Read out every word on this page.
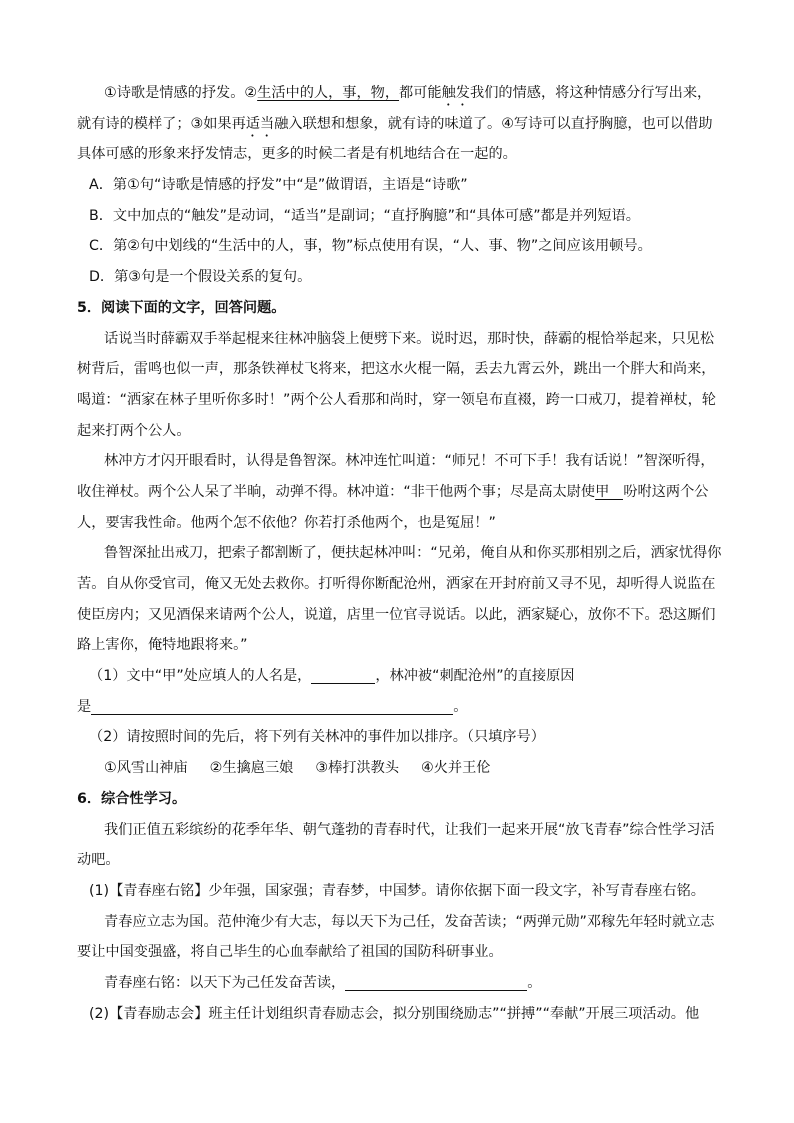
①诗歌是情感的抒发。②生活中的人，事，物，都可能触发我们的情感，将这种情感分行写出来，
就有诗的模样了；③如果再适当融入联想和想象，就有诗的味道了。④写诗可以直抒胸臆，也可以借助
具体可感的形象来抒发情志，更多的时候二者是有机地结合在一起的。
A．第①句“诗歌是情感的抒发”中“是”做谓语，主语是“诗歌”
B．文中加点的“触发”是动词，“适当”是副词；“直抒胸臆”和“具体可感”都是并列短语。
C．第②句中划线的“生活中的人，事，物”标点使用有误，“人、事、物”之间应该用顿号。
D．第③句是一个假设关系的复句。
5．阅读下面的文字，回答问题。
话说当时薛霸双手举起棍来往林冲脑袋上便劈下来。说时迟，那时快，薛霸的棍恰举起来，只见松
树背后，雷鸣也似一声，那条铁禅杖飞将来，把这水火棍一隔，丢去九霄云外，跳出一个胖大和尚来，
喝道：“洒家在林子里听你多时！”两个公人看那和尚时，穿一领皂布直裰，跨一口戒刀，提着禅杖，轮
起来打两个公人。
林冲方才闪开眼看时，认得是鲁智深。林冲连忙叫道：“师兄！不可下手！我有话说！”智深听得，
收住禅杖。两个公人呆了半晌，动弹不得。林冲道：“非干他两个事；尽是高太尉使甲 吩咐这两个公
人，要害我性命。他两个怎不依他？你若打杀他两个，也是冤屈！”
鲁智深扯出戒刀，把索子都割断了，便扶起林冲叫：“兄弟，俺自从和你买那相别之后，洒家忧得你
苦。自从你受官司，俺又无处去救你。打听得你断配沧州，洒家在开封府前又寻不见，却听得人说监在
使臣房内；又见酒保来请两个公人，说道，店里一位官寻说话。以此，洒家疑心，放你不下。恐这厮们
路上害你，俺特地跟将来。”
（1）文中“甲”处应填人的人名是，	，林冲被“刺配沧州”的直接原因
是	。
（2）请按照时间的先后，将下列有关林冲的事件加以排序。（只填序号）
①风雪山神庙 ②生擒扈三娘 ③棒打洪教头 ④火并王伦
6．综合性学习。
我们正值五彩缤纷的花季年华、朝气蓬勃的青春时代，让我们一起来开展“放飞青春”综合性学习活
动吧。
(1)【青春座右铭】少年强，国家强；青春梦，中国梦。请你依据下面一段文字，补写青春座右铭。
青春应立志为国。范仲淹少有大志，每以天下为己任，发奋苦读；“两弹元勋”邓稼先年轻时就立志
要让中国变强盛，将自己毕生的心血奉献给了祖国的国防科研事业。
青春座右铭：以天下为己任发奋苦读，	。
(2)【青春励志会】班主任计划组织青春励志会，拟分别围绕励志”“拼搏”“奉献”开展三项活动。他
